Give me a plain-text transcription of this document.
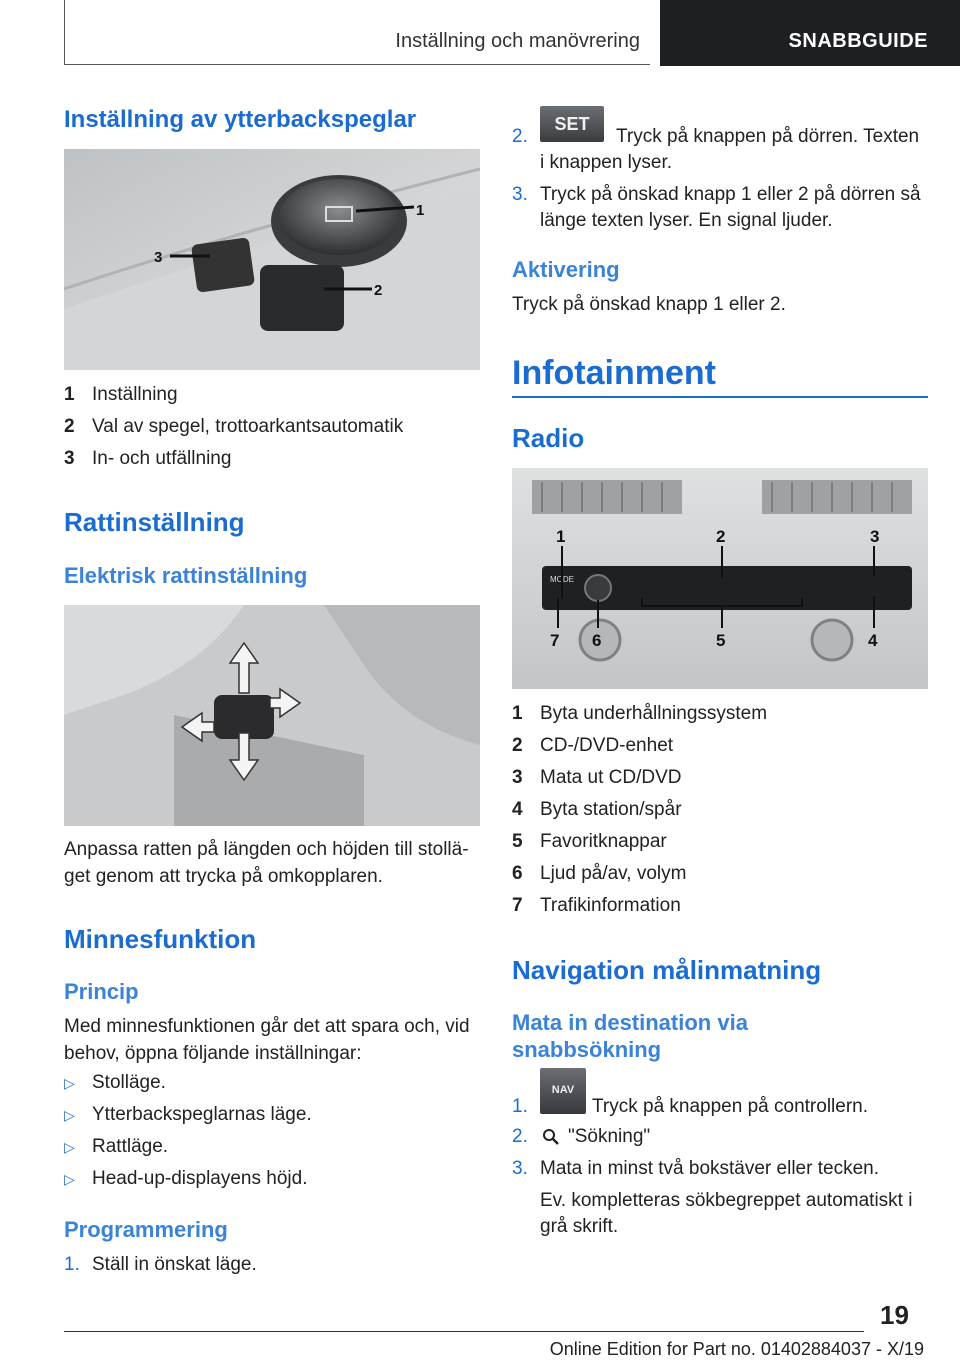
Inställning och manövrering	SNABBGUIDE
Inställning av ytterbackspeglar
1
2
3
1 Inställning
2 Val av spegel, trottoarkantsautomatik
3 In- och utfällning
Rattinställning
Elektrisk rattinställning
Anpassa ratten på längden och höjden till stollä-
get genom att trycka på omkopplaren.
Minnesfunktion
Princip
Med minnesfunktionen går det att spara och, vid
behov, öppna följande inställningar:
▷ Stolläge.
▷ Ytterbackspeglarnas läge.
▷ Rattläge.
▷ Head-up-displayens höjd.
Programmering
1. Ställ in önskat läge.
2.
SET
Tryck på knappen på dörren. Texten
i knappen lyser.
3. Tryck på önskad knapp 1 eller 2 på dörren så
länge texten lyser. En signal ljuder.
Aktivering
Tryck på önskad knapp 1 eller 2.
Infotainment
Radio
MODE
1	2	3
4
5
6
7
1 Byta underhållningssystem
2 CD-/DVD-enhet
3 Mata ut CD/DVD
4 Byta station/spår
5 Favoritknappar
6 Ljud på/av, volym
7 Trafikinformation
Navigation målinmatning
Mata in destination via
snabbsökning
1.
NAV
Tryck på knappen på controllern.
2.	"Sökning"
3. Mata in minst två bokstäver eller tecken.
Ev. kompletteras sökbegreppet automatiskt i
grå skrift.
19
Online Edition for Part no. 01402884037 - X/19
